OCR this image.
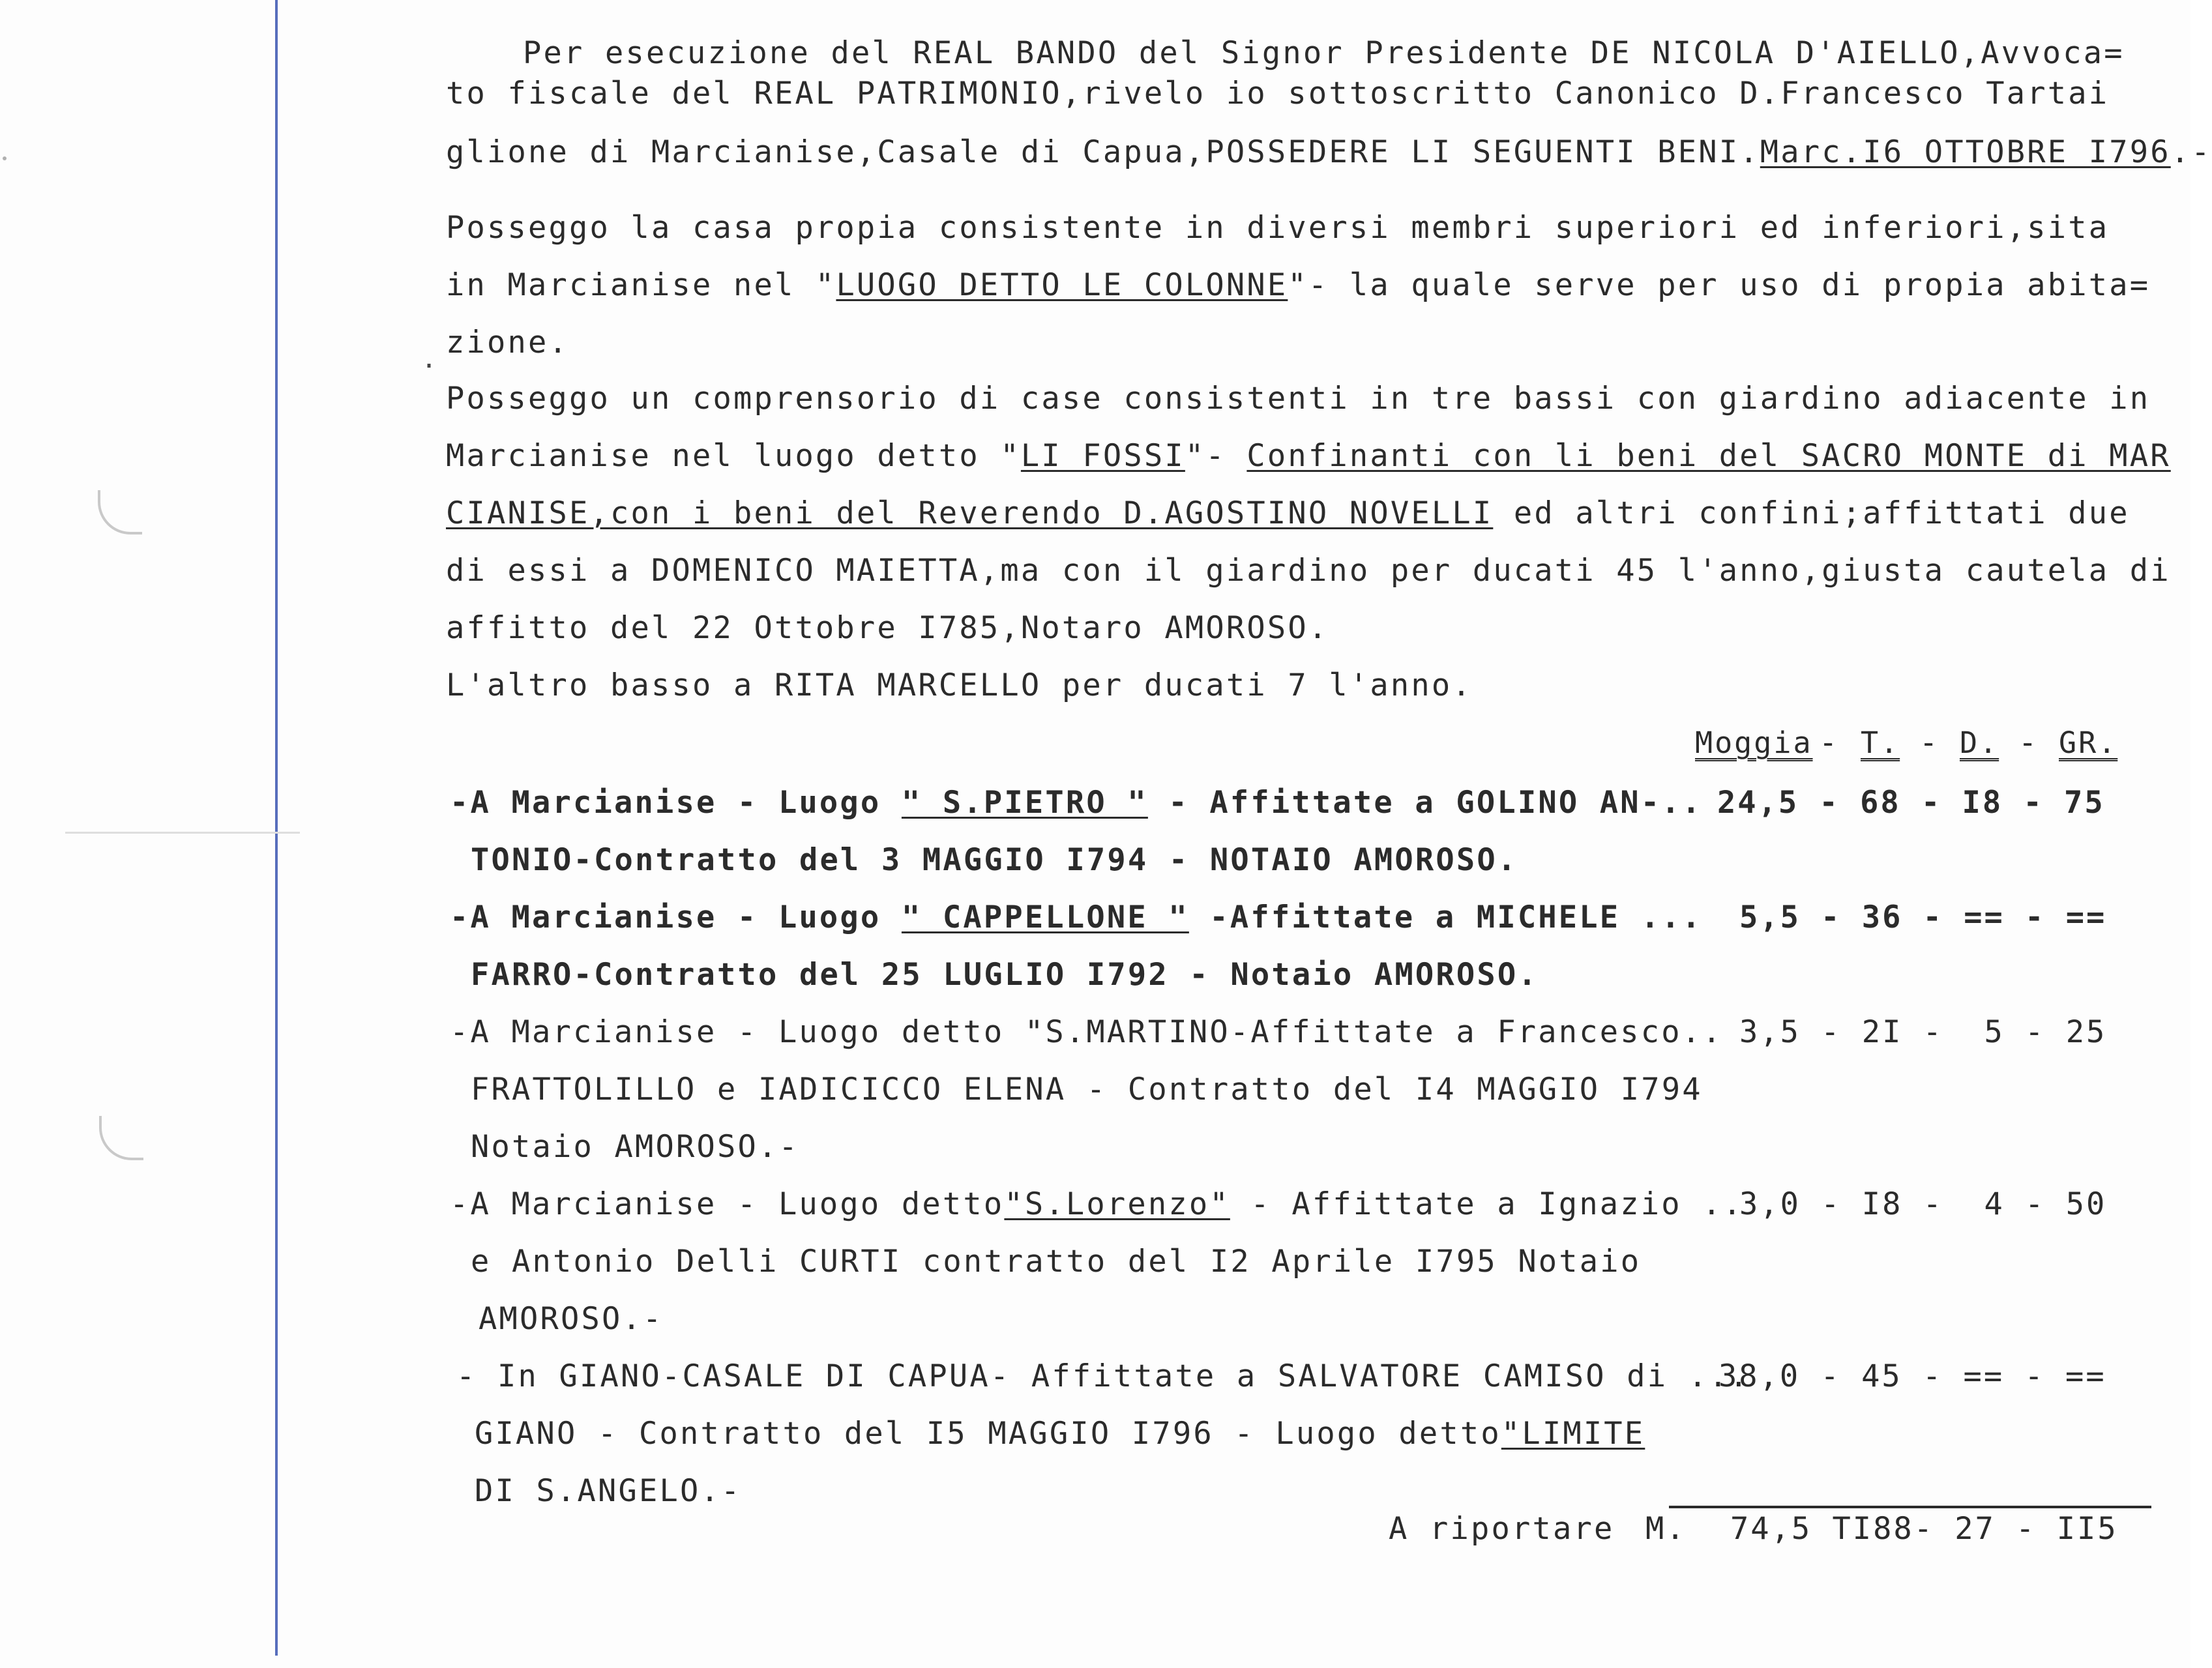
.
Per esecuzione del REAL BANDO del Signor Presidente DE NICOLA D'AIELLO,Avvoca=
to fiscale del REAL PATRIMONIO,rivelo io sottoscritto Canonico D.Francesco Tartai
glione di Marcianise,Casale di Capua,POSSEDERE LI SEGUENTI BENI.Marc.I6 OTTOBRE I796.-
Posseggo la casa propia consistente in diversi membri superiori ed inferiori,sita
in Marcianise nel "LUOGO DETTO LE COLONNE"- la quale serve per uso di propia abita=
zione.
Posseggo un comprensorio di case consistenti in tre bassi con giardino adiacente in
Marcianise nel luogo detto "LI FOSSI"- Confinanti con li beni del SACRO MONTE di MAR
CIANISE,con i beni del Reverendo D.AGOSTINO NOVELLI ed altri confini;affittati due
di essi a DOMENICO MAIETTA,ma con il giardino per ducati 45 l'anno,giusta cautela di
affitto del 22 Ottobre I785,Notaro AMOROSO.
L'altro basso a RITA MARCELLO per ducati 7 l'anno.
Moggia - T. - D. - GR.
-A Marcianise - Luogo " S.PIETRO " - Affittate a GOLINO AN-..
TONIO-Contratto del 3 MAGGIO I794 - NOTAIO AMOROSO.
24,5 - 68 - I8 - 75
-A Marcianise - Luogo " CAPPELLONE " -Affittate a MICHELE ...
FARRO-Contratto del 25 LUGLIO I792 - Notaio AMOROSO.
5,5 - 36 - == - ==
-A Marcianise - Luogo detto "S.MARTINO-Affittate a Francesco..
FRATTOLILLO e IADICICCO ELENA - Contratto del I4 MAGGIO I794
Notaio AMOROSO.-
3,5 - 2I -  5 - 25
-A Marcianise - Luogo detto"S.Lorenzo" - Affittate a Ignazio ..
e Antonio Delli CURTI contratto del I2 Aprile I795 Notaio
AMOROSO.-
3,0 - I8 -  4 - 50
- In GIANO-CASALE DI CAPUA- Affittate a SALVATORE CAMISO di ...
GIANO - Contratto del I5 MAGGIO I796 - Luogo detto"LIMITE
DI S.ANGELO.-
38,0 - 45 - == - ==
A riportare M. 74,5 TI88- 27 - II5
